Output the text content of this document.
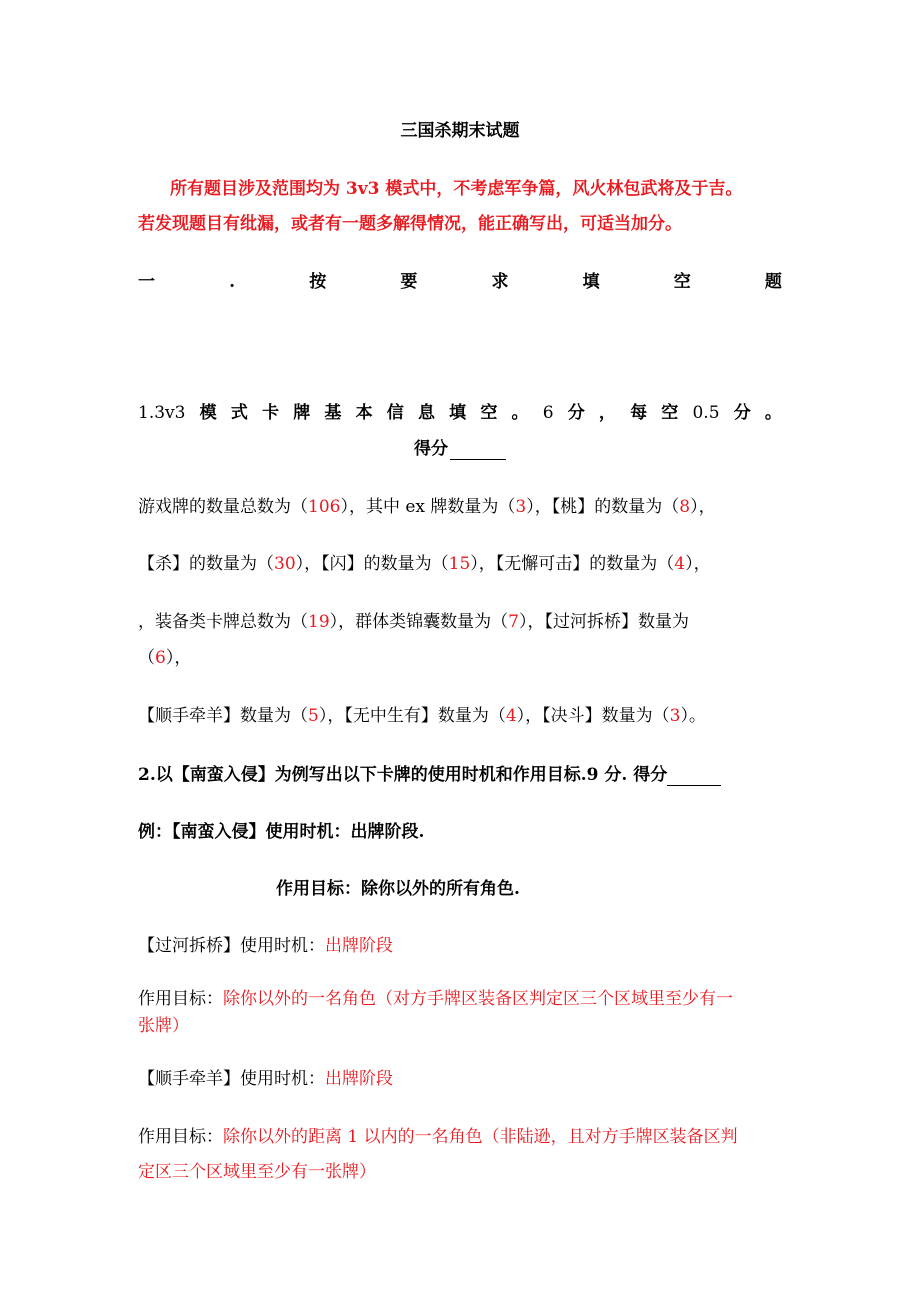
三国杀期末试题
所有题目涉及范围均为 3v3 模式中，不考虑军争篇，风火林包武将及于吉。
若发现题目有纰漏，或者有一题多解得情况，能正确写出，可适当加分。
一	.	按	要	求	填	空	题
1.3v3 模 式 卡 牌 基 本 信 息 填 空 。 6 分 ， 每 空 0.5 分 。
得分
游戏牌的数量总数为（106），其中 ex 牌数量为（3），【桃】的数量为（8），
【杀】的数量为（30），【闪】的数量为（15），【无懈可击】的数量为（4），
，装备类卡牌总数为（19），群体类锦囊数量为（7），【过河拆桥】数量为
（6），
【顺手牵羊】数量为（5），【无中生有】数量为（4），【决斗】数量为（3）。
2.以【南蛮入侵】为例写出以下卡牌的使用时机和作用目标.9 分. 得分
例：【南蛮入侵】使用时机：出牌阶段.
作用目标：除你以外的所有角色.
【过河拆桥】使用时机：出牌阶段
作用目标：除你以外的一名角色（对方手牌区装备区判定区三个区域里至少有一
张牌）
【顺手牵羊】使用时机：出牌阶段
作用目标：除你以外的距离 1 以内的一名角色（非陆逊，且对方手牌区装备区判
定区三个区域里至少有一张牌）
